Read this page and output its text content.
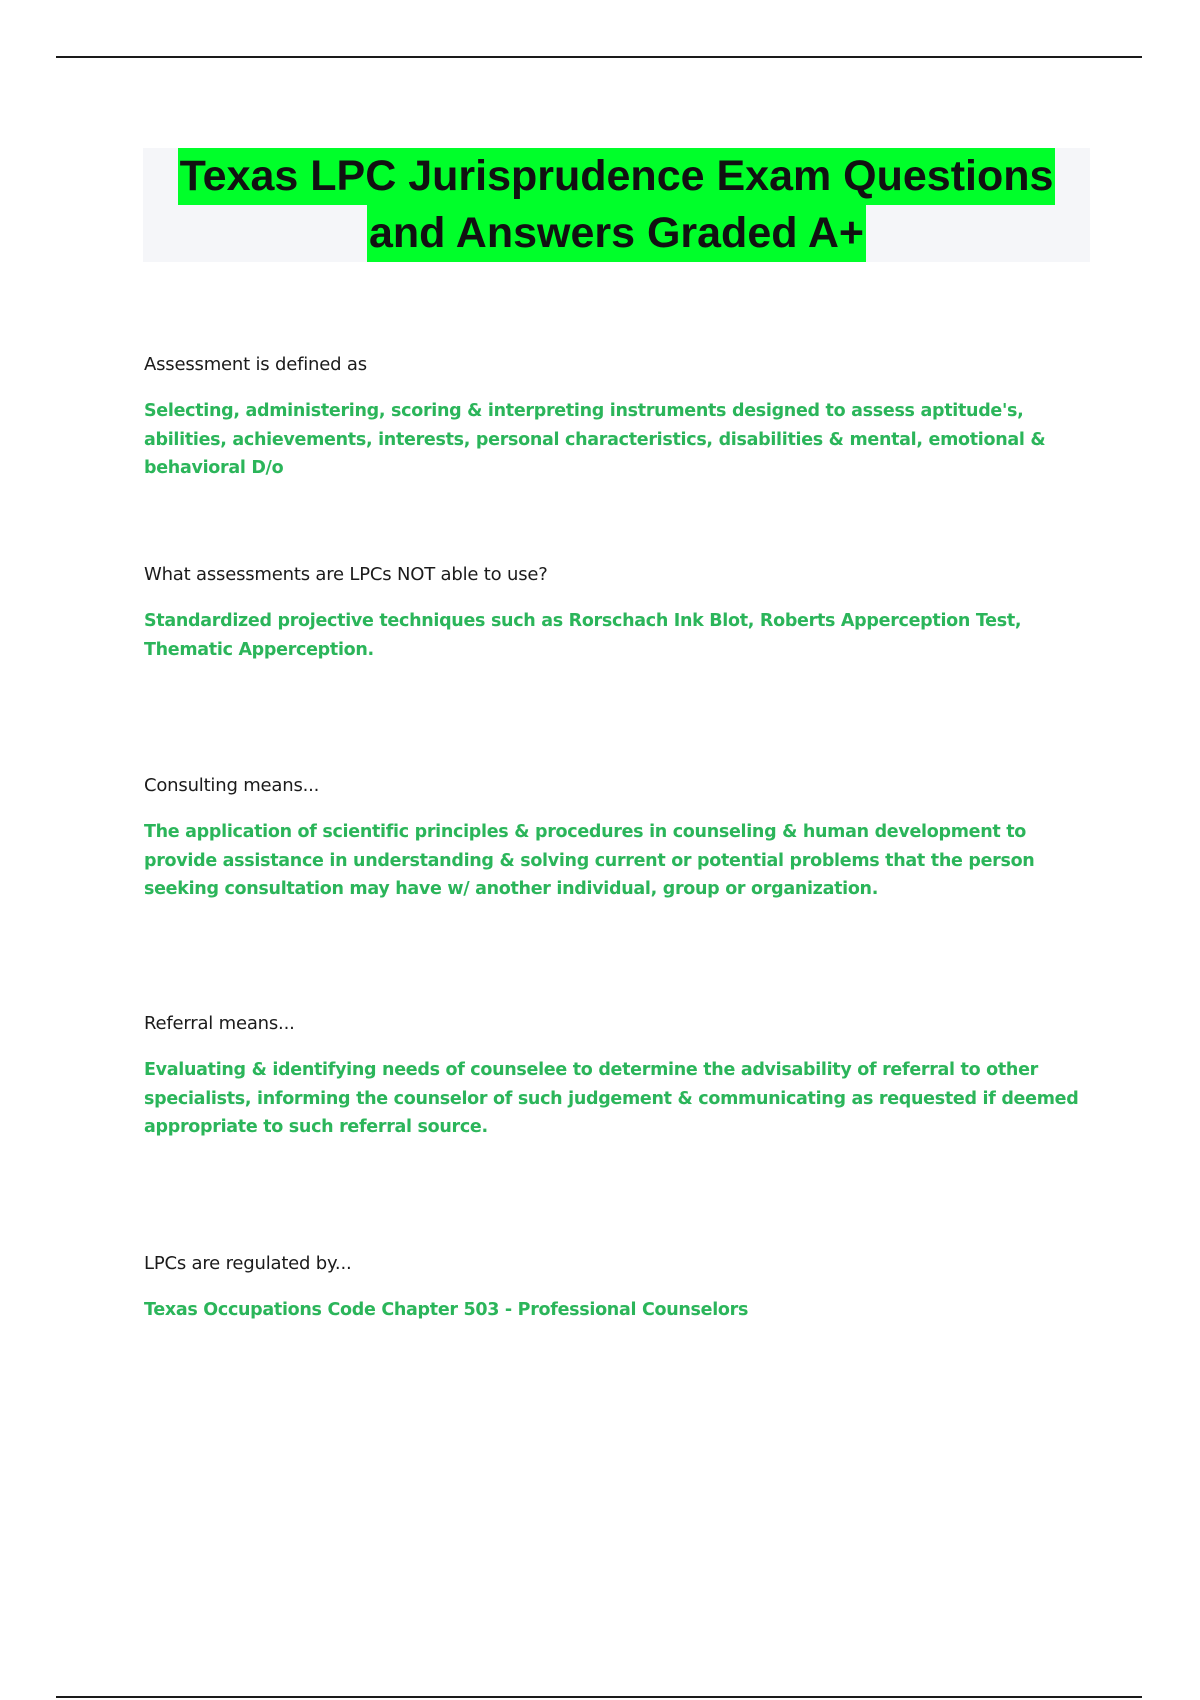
Texas LPC Jurisprudence Exam Questions
and Answers Graded A+

Assessment is defined as

Selecting, administering, scoring & interpreting instruments designed to assess aptitude's, abilities, achievements, interests, personal characteristics, disabilities & mental, emotional & behavioral D/o

What assessments are LPCs NOT able to use?

Standardized projective techniques such as Rorschach Ink Blot, Roberts Apperception Test, Thematic Apperception.

Consulting means...

The application of scientific principles & procedures in counseling & human development to provide assistance in understanding & solving current or potential problems that the person seeking consultation may have w/ another individual, group or organization.

Referral means...

Evaluating & identifying needs of counselee to determine the advisability of referral to other specialists, informing the counselor of such judgement & communicating as requested if deemed appropriate to such referral source.

LPCs are regulated by...

Texas Occupations Code Chapter 503 - Professional Counselors
